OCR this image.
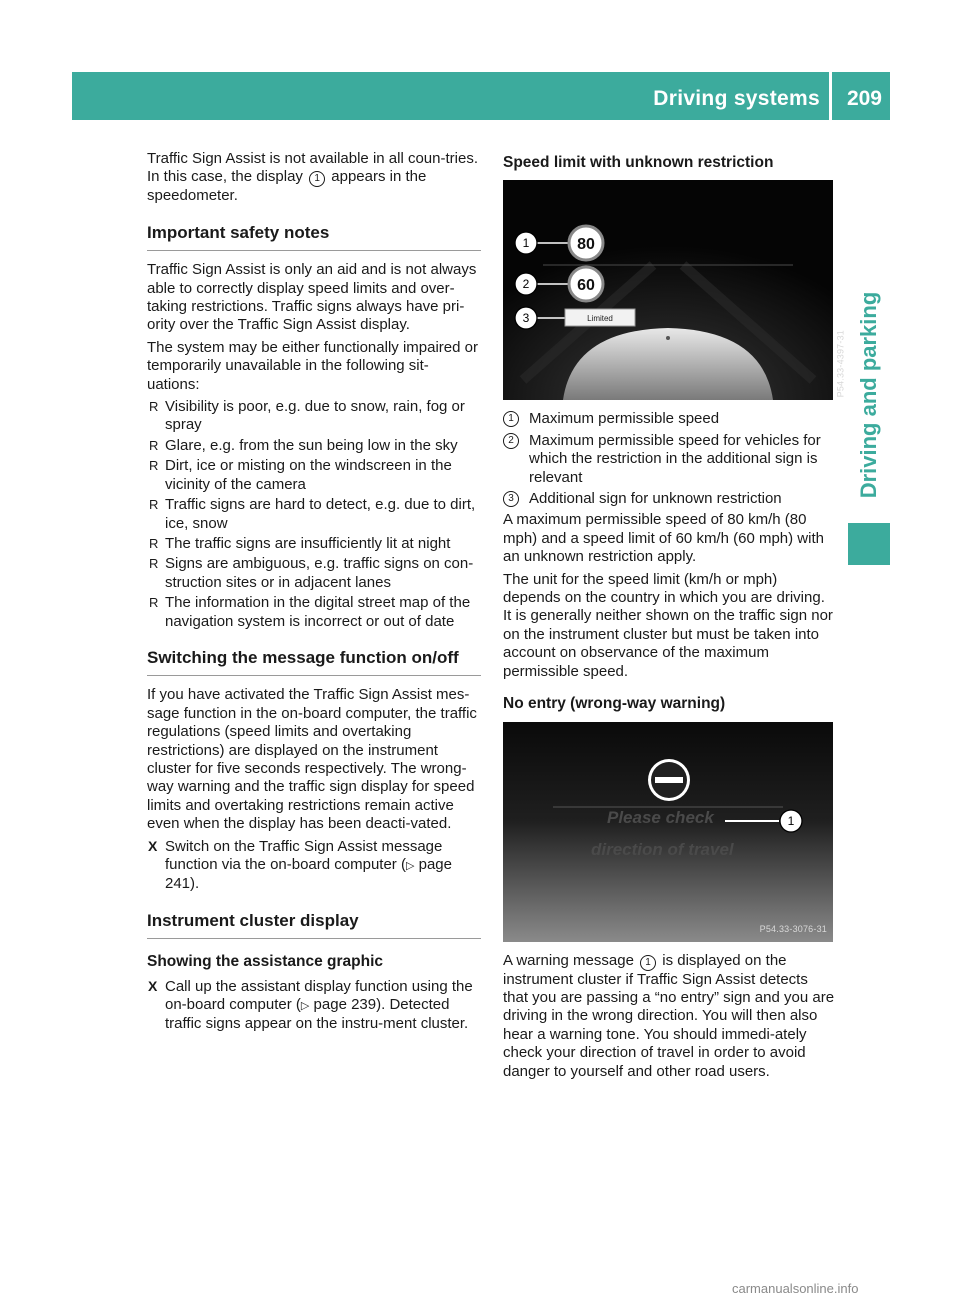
Driving systems 209
Driving and parking

Traffic Sign Assist is not available in all coun-tries. In this case, the display 1 appears in the speedometer.

Important safety notes

Traffic Sign Assist is only an aid and is not always able to correctly display speed limits and over-taking restrictions. Traffic signs always have pri-ority over the Traffic Sign Assist display.

The system may be either functionally impaired or temporarily unavailable in the following sit-uations:

R Visibility is poor, e.g. due to snow, rain, fog or spray
R Glare, e.g. from the sun being low in the sky
R Dirt, ice or misting on the windscreen in the vicinity of the camera
R Traffic signs are hard to detect, e.g. due to dirt, ice, snow
R The traffic signs are insufficiently lit at night
R Signs are ambiguous, e.g. traffic signs on con-struction sites or in adjacent lanes
R The information in the digital street map of the navigation system is incorrect or out of date
Switching the message function on/off

If you have activated the Traffic Sign Assist mes-sage function in the on-board computer, the traffic regulations (speed limits and overtaking restrictions) are displayed on the instrument cluster for five seconds respectively. The wrong-way warning and the traffic sign display for speed limits and overtaking restrictions remain active even when the display has been deacti-vated.

X Switch on the Traffic Sign Assist message function via the on-board computer (▷ page 241).
Instrument cluster display
Showing the assistance graphic
X Call up the assistant display function using the on-board computer (▷ page 239). Detected traffic signs appear on the instru-ment cluster.
Speed limit with unknown restriction
1
2
3
80
60
Limited
P54.33-4397-31
1	Maximum permissible speed
2	Maximum permissible speed for vehicles for which the restriction in the additional sign is relevant
3	Additional sign for unknown restriction

A maximum permissible speed of 80 km/h (80 mph) and a speed limit of 60 km/h (60 mph) with an unknown restriction apply.

The unit for the speed limit (km/h or mph) depends on the country in which you are driving. It is generally neither shown on the traffic sign nor on the instrument cluster but must be taken into account on observance of the maximum permissible speed.

No entry (wrong-way warning)
1
Please check
direction of travel
P54.33-3076-31

A warning message 1 is displayed on the instrument cluster if Traffic Sign Assist detects that you are passing a “no entry” sign and you are driving in the wrong direction. You will then also hear a warning tone. You should immedi-ately check your direction of travel in order to avoid danger to yourself and other road users.

carmanualsonline.info
